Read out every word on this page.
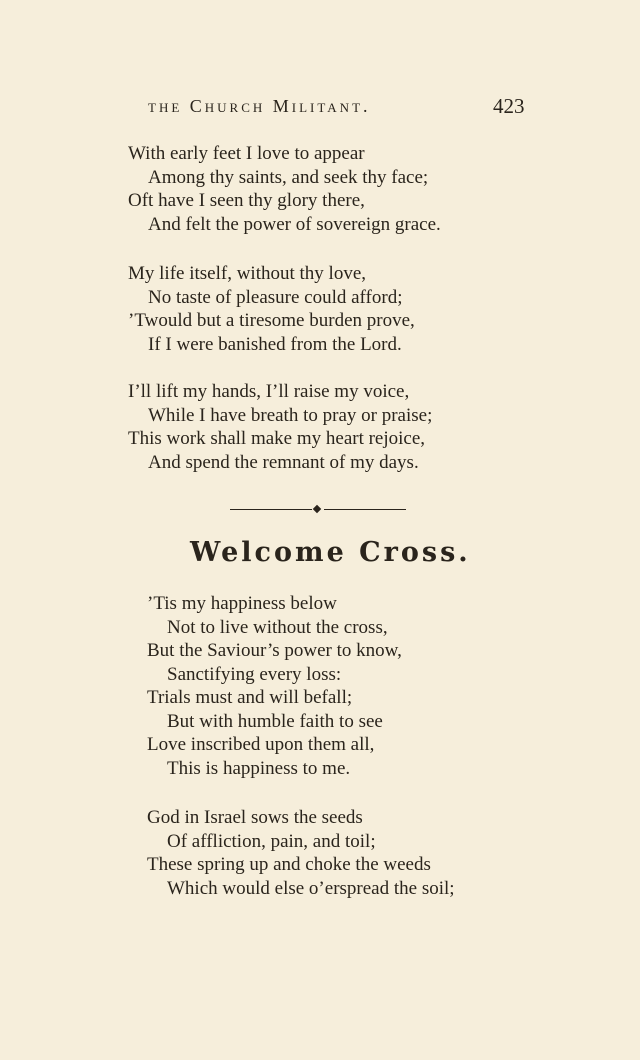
the Church Militant.	423
With early feet I love to appear
Among thy saints, and seek thy face;
Oft have I seen thy glory there,
And felt the power of sovereign grace.
My life itself, without thy love,
No taste of pleasure could afford;
’Twould but a tiresome burden prove,
If I were banished from the Lord.
I’ll lift my hands, I’ll raise my voice,
While I have breath to pray or praise;
This work shall make my heart rejoice,
And spend the remnant of my days.
Welcome Cross.
’Tis my happiness below
Not to live without the cross,
But the Saviour’s power to know,
Sanctifying every loss:
Trials must and will befall;
But with humble faith to see
Love inscribed upon them all,
This is happiness to me.
God in Israel sows the seeds
Of affliction, pain, and toil;
These spring up and choke the weeds
Which would else o’erspread the soil;
